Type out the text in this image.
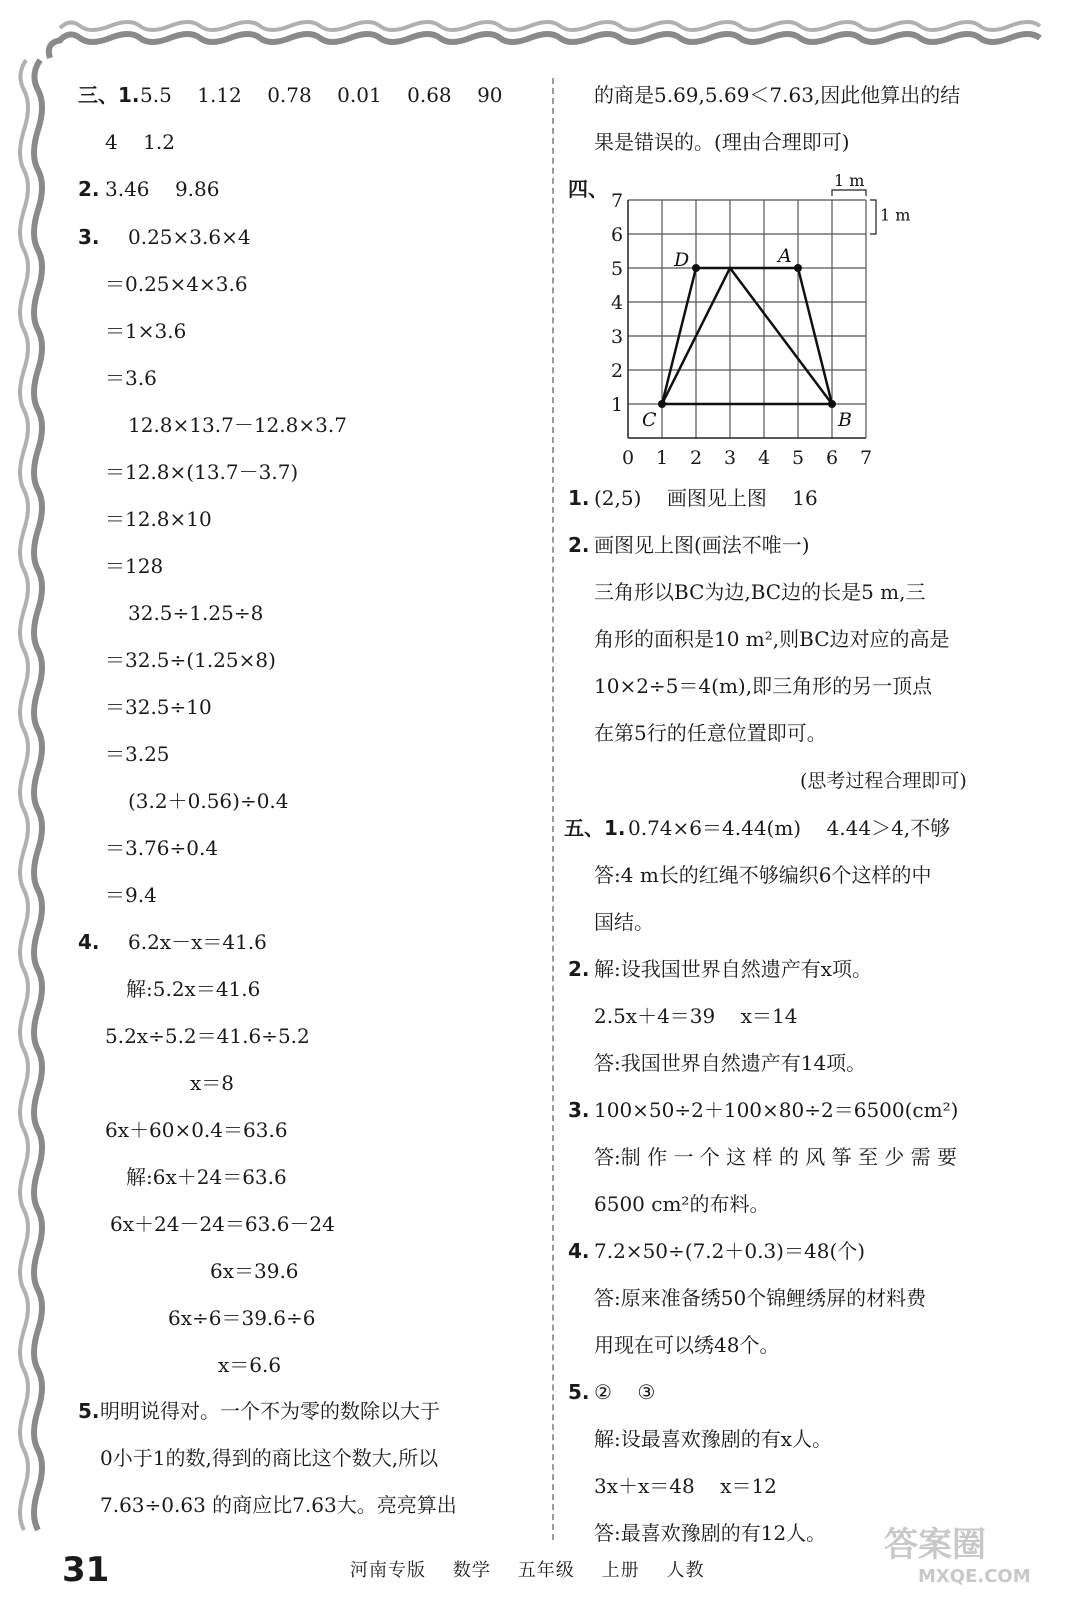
三、1. 5.5    1.12    0.78    0.01    0.68    90
4    1.2
2. 3.46    9.86
3. 0.25×3.6×4
＝0.25×4×3.6
＝1×3.6
＝3.6
12.8×13.7－12.8×3.7
＝12.8×(13.7－3.7)
＝12.8×10
＝128
32.5÷1.25÷8
＝32.5÷(1.25×8)
＝32.5÷10
＝3.25
(3.2＋0.56)÷0.4
＝3.76÷0.4
＝9.4
4. 6.2x－x＝41.6
解:5.2x＝41.6
5.2x÷5.2＝41.6÷5.2
x＝8
6x＋60×0.4＝63.6
解:6x＋24＝63.6
6x＋24－24＝63.6－24
6x＝39.6
6x÷6＝39.6÷6
x＝6.6
5. 明明说得对。一个不为零的数除以大于
0小于1的数,得到的商比这个数大,所以
7.63÷0.63 的商应比7.63大。亮亮算出
的商是5.69,5.69＜7.63,因此他算出的结
果是错误的。(理由合理即可)
四、
0 1 2 3 4 5 6 7
1
2
3
4
5
6
7
A
B
C
D
1 m
1 m
1. (2,5)    画图见上图    16
2. 画图见上图(画法不唯一)
三角形以BC为边,BC边的长是5 m,三
角形的面积是10 m²,则BC边对应的高是
10×2÷5＝4(m),即三角形的另一顶点
在第5行的任意位置即可。
(思考过程合理即可)
五、1. 0.74×6＝4.44(m)    4.44＞4,不够
答:4 m长的红绳不够编织6个这样的中
国结。
2. 解:设我国世界自然遗产有x项。
2.5x＋4＝39    x＝14
答:我国世界自然遗产有14项。
3. 100×50÷2＋100×80÷2＝6500(cm²)
答:制 作 一 个 这 样 的 风 筝 至 少 需 要
6500 cm²的布料。
4. 7.2×50÷(7.2＋0.3)＝48(个)
答:原来准备绣50个锦鲤绣屏的材料费
用现在可以绣48个。
5. ②    ③
解:设最喜欢豫剧的有x人。
3x＋x＝48    x＝12
答:最喜欢豫剧的有12人。
31	河南专版    数学    五年级    上册    人教
答案圈
MXQE.COM
